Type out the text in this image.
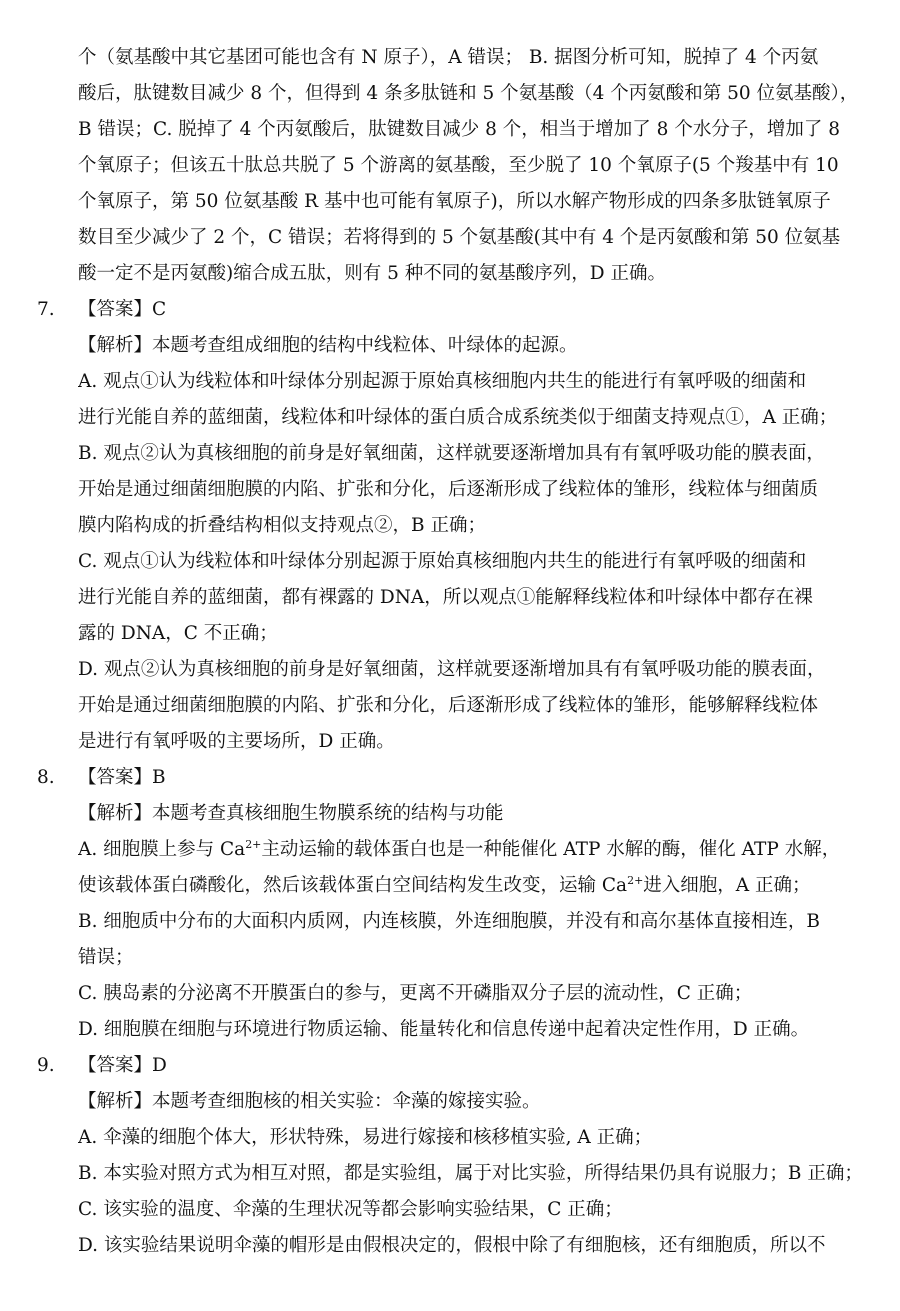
个（氨基酸中其它基团可能也含有 N 原子），A 错误； B. 据图分析可知，脱掉了 4 个丙氨
酸后，肽键数目减少 8 个，但得到 4 条多肽链和 5 个氨基酸（4 个丙氨酸和第 50 位氨基酸），
B 错误；C. 脱掉了 4 个丙氨酸后，肽键数目减少 8 个，相当于增加了 8 个水分子，增加了 8
个氧原子；但该五十肽总共脱了 5 个游离的氨基酸，至少脱了 10 个氧原子(5 个羧基中有 10
个氧原子，第 50 位氨基酸 R 基中也可能有氧原子)，所以水解产物形成的四条多肽链氧原子
数目至少减少了 2 个，C 错误；若将得到的 5 个氨基酸(其中有 4 个是丙氨酸和第 50 位氨基
酸一定不是丙氨酸)缩合成五肽，则有 5 种不同的氨基酸序列，D 正确。
7. 【答案】C
【解析】本题考查组成细胞的结构中线粒体、叶绿体的起源。
A. 观点①认为线粒体和叶绿体分别起源于原始真核细胞内共生的能进行有氧呼吸的细菌和
进行光能自养的蓝细菌，线粒体和叶绿体的蛋白质合成系统类似于细菌支持观点①，A 正确；
B. 观点②认为真核细胞的前身是好氧细菌，这样就要逐渐增加具有有氧呼吸功能的膜表面，
开始是通过细菌细胞膜的内陷、扩张和分化，后逐渐形成了线粒体的雏形，线粒体与细菌质
膜内陷构成的折叠结构相似支持观点②，B 正确；
C. 观点①认为线粒体和叶绿体分别起源于原始真核细胞内共生的能进行有氧呼吸的细菌和
进行光能自养的蓝细菌，都有裸露的 DNA，所以观点①能解释线粒体和叶绿体中都存在裸
露的 DNA，C 不正确；
D. 观点②认为真核细胞的前身是好氧细菌，这样就要逐渐增加具有有氧呼吸功能的膜表面，
开始是通过细菌细胞膜的内陷、扩张和分化，后逐渐形成了线粒体的雏形，能够解释线粒体
是进行有氧呼吸的主要场所，D 正确。
8. 【答案】B
【解析】本题考查真核细胞生物膜系统的结构与功能
A. 细胞膜上参与 $Ca^{2+}$主动运输的载体蛋白也是一种能催化 ATP 水解的酶，催化 ATP 水解，
使该载体蛋白磷酸化，然后该载体蛋白空间结构发生改变，运输 $Ca^{2+}$进入细胞，A 正确；
B. 细胞质中分布的大面积内质网，内连核膜，外连细胞膜，并没有和高尔基体直接相连，B
错误；
C. 胰岛素的分泌离不开膜蛋白的参与，更离不开磷脂双分子层的流动性，C 正确；
D. 细胞膜在细胞与环境进行物质运输、能量转化和信息传递中起着决定性作用，D 正确。
9. 【答案】D
【解析】本题考查细胞核的相关实验：伞藻的嫁接实验。
A. 伞藻的细胞个体大，形状特殊，易进行嫁接和核移植实验, A 正确；
B. 本实验对照方式为相互对照，都是实验组，属于对比实验，所得结果仍具有说服力；B 正确；
C. 该实验的温度、伞藻的生理状况等都会影响实验结果，C 正确；
D. 该实验结果说明伞藻的帽形是由假根决定的，假根中除了有细胞核，还有细胞质，所以不
